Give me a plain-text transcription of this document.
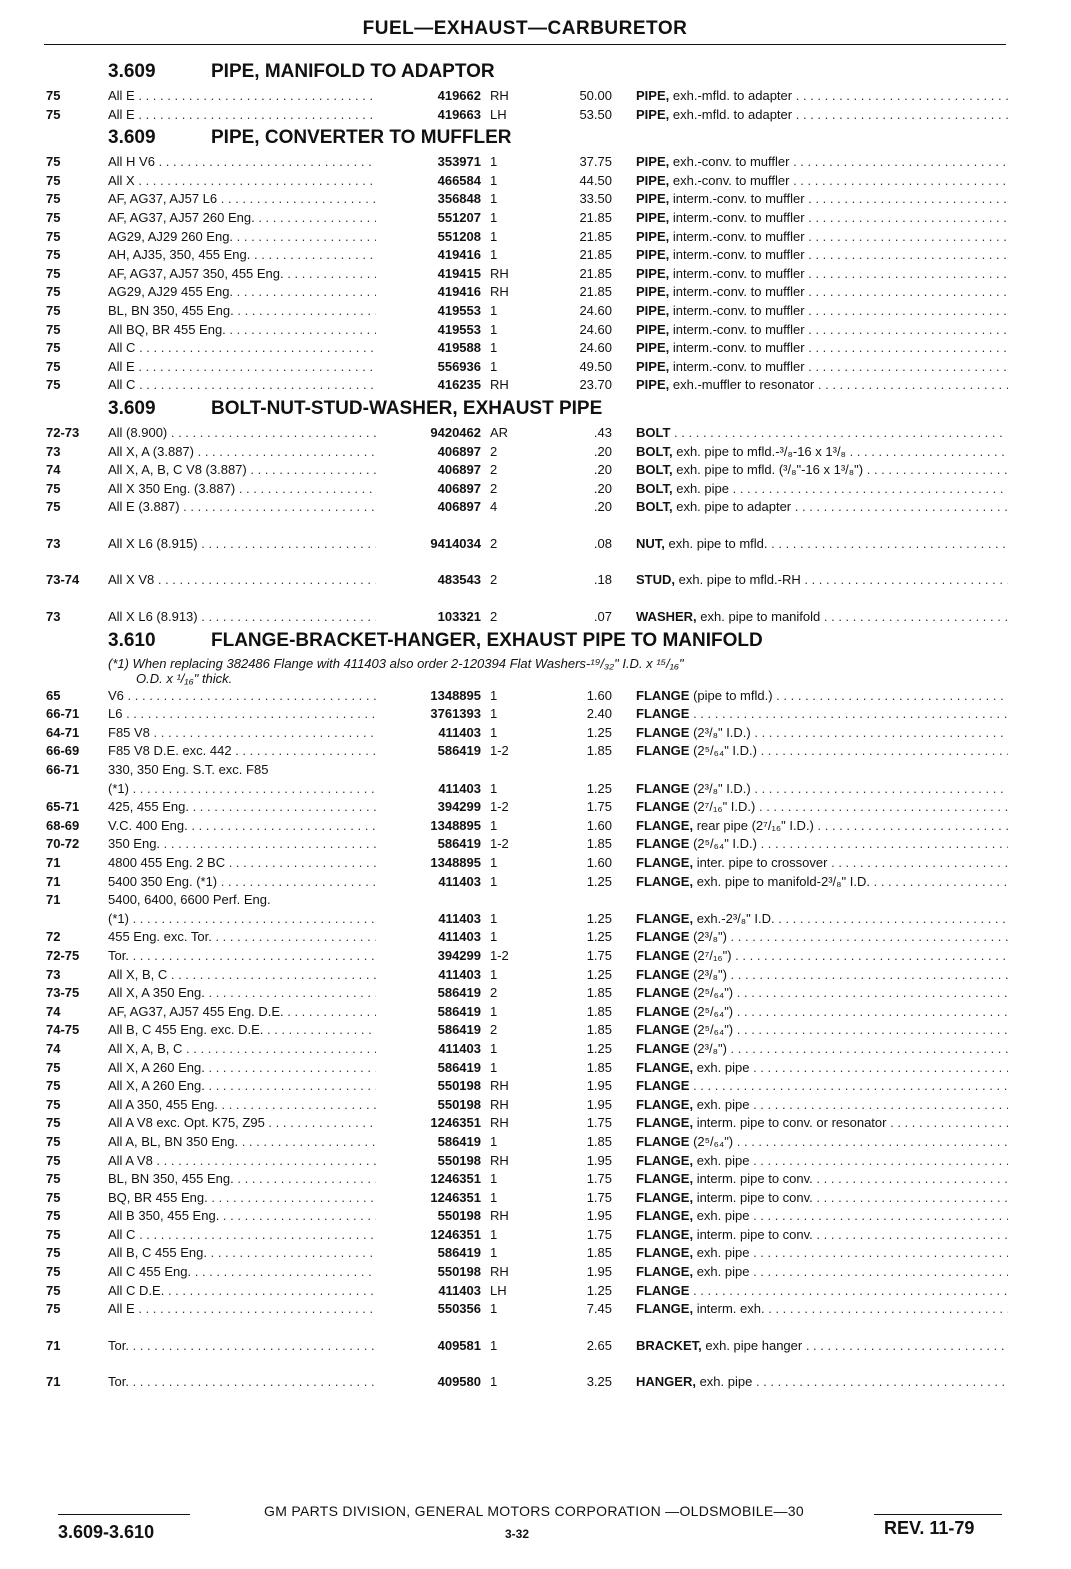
FUEL—EXHAUST—CARBURETOR
3.609	PIPE, MANIFOLD TO ADAPTOR
75	All E . . .	419662 RH	50.00 PIPE, exh.-mfld. to adapter . . .
75	All E . . .	419663 LH	53.50 PIPE, exh.-mfld. to adapter . . .
3.609	PIPE, CONVERTER TO MUFFLER
75	All H V6 . . .	353971 1	37.75 PIPE, exh.-conv. to muffler . . .
75	All X . . .	466584 1	44.50 PIPE, exh.-conv. to muffler . . .
75	AF, AG37, AJ57 L6 . . .	356848 1	33.50 PIPE, interm.-conv. to muffler . . .
75	AF, AG37, AJ57 260 Eng. . . .	551207 1	21.85 PIPE, interm.-conv. to muffler . . .
75	AG29, AJ29 260 Eng. . . .	551208 1	21.85 PIPE, interm.-conv. to muffler . . .
75	AH, AJ35, 350, 455 Eng. . . .	419416 1	21.85 PIPE, interm.-conv. to muffler . . .
75	AF, AG37, AJ57 350, 455 Eng. . . .	419415 RH	21.85 PIPE, interm.-conv. to muffler . . .
75	AG29, AJ29 455 Eng. . . .	419416 RH	21.85 PIPE, interm.-conv. to muffler . . .
75	BL, BN 350, 455 Eng. . . .	419553 1	24.60 PIPE, interm.-conv. to muffler . . .
75	All BQ, BR 455 Eng. . . .	419553 1	24.60 PIPE, interm.-conv. to muffler . . .
75	All C . . .	419588 1	24.60 PIPE, interm.-conv. to muffler . . .
75	All E . . .	556936 1	49.50 PIPE, interm.-conv. to muffler . . .
75	All C . . .	416235 RH	23.70 PIPE, exh.-muffler to resonator . . .
3.609	BOLT-NUT-STUD-WASHER, EXHAUST PIPE
72-73	All (8.900) . . .	9420462 AR	.43 BOLT . . .
73	All X, A (3.887) . . .	406897 2	.20 BOLT, exh. pipe to mfld.-³/₈-16 x 1³/₈ . . .
74	All X, A, B, C V8 (3.887) . . .	406897 2	.20 BOLT, exh. pipe to mfld. (³/₈"-16 x 1³/₈") . . .
75	All X 350 Eng. (3.887) . . .	406897 2	.20 BOLT, exh. pipe . . .
75	All E (3.887) . . .	406897 4	.20 BOLT, exh. pipe to adapter . . .
73	All X L6 (8.915) . . .	9414034 2	.08 NUT, exh. pipe to mfld. . . .
73-74	All X V8 . . .	483543 2	.18 STUD, exh. pipe to mfld.-RH . . .
73	All X L6 (8.913) . . .	103321 2	.07 WASHER, exh. pipe to manifold . . .
3.610	FLANGE-BRACKET-HANGER, EXHAUST PIPE TO MANIFOLD
(*1) When replacing 382486 Flange with 411403 also order 2-120394 Flat Washers-¹⁹/₃₂" I.D. x ¹⁵/₁₆"
O.D. x ¹/₁₆" thick.
65	V6 . . .	1348895 1	1.60 FLANGE (pipe to mfld.) . . .
66-71	L6 . . .	3761393 1	2.40 FLANGE . . .
64-71	F85 V8 . . .	411403 1	1.25 FLANGE (2³/₈" I.D.) . . .
66-69	F85 V8 D.E. exc. 442 . . .	586419 1-2	1.85 FLANGE (2⁵/₆₄" I.D.) . . .
66-71	330, 350 Eng. S.T. exc. F85
(*1) . . .	411403 1	1.25 FLANGE (2³/₈" I.D.) . . .
65-71	425, 455 Eng. . . .	394299 1-2	1.75 FLANGE (2⁷/₁₆" I.D.) . . .
68-69	V.C. 400 Eng. . . .	1348895 1	1.60 FLANGE, rear pipe (2⁷/₁₆" I.D.) . . .
70-72	350 Eng. . . .	586419 1-2	1.85 FLANGE (2⁵/₆₄" I.D.) . . .
71	4800 455 Eng. 2 BC . . .	1348895 1	1.60 FLANGE, inter. pipe to crossover . . .
71	5400 350 Eng. (*1) . . .	411403 1	1.25 FLANGE, exh. pipe to manifold-2³/₈" I.D. . . .
71	5400, 6400, 6600 Perf. Eng.
(*1) . . .	411403 1	1.25 FLANGE, exh.-2³/₈" I.D. . . .
72	455 Eng. exc. Tor. . . .	411403 1	1.25 FLANGE (2³/₈") . . .
72-75	Tor. . . .	394299 1-2	1.75 FLANGE (2⁷/₁₆") . . .
73	All X, B, C . . .	411403 1	1.25 FLANGE (2³/₈") . . .
73-75	All X, A 350 Eng. . . .	586419 2	1.85 FLANGE (2⁵/₆₄") . . .
74	AF, AG37, AJ57 455 Eng. D.E. . . .	586419 1	1.85 FLANGE (2⁵/₆₄") . . .
74-75	All B, C 455 Eng. exc. D.E. . . .	586419 2	1.85 FLANGE (2⁵/₆₄") . . .
74	All X, A, B, C . . .	411403 1	1.25 FLANGE (2³/₈") . . .
75	All X, A 260 Eng. . . .	586419 1	1.85 FLANGE, exh. pipe . . .
75	All X, A 260 Eng. . . .	550198 RH	1.95 FLANGE . . .
75	All A 350, 455 Eng. . . .	550198 RH	1.95 FLANGE, exh. pipe . . .
75	All A V8 exc. Opt. K75, Z95 . . .	1246351 RH	1.75 FLANGE, interm. pipe to conv. or resonator . . .
75	All A, BL, BN 350 Eng. . . .	586419 1	1.85 FLANGE (2⁵/₆₄") . . .
75	All A V8 . . .	550198 RH	1.95 FLANGE, exh. pipe . . .
75	BL, BN 350, 455 Eng. . . .	1246351 1	1.75 FLANGE, interm. pipe to conv. . . .
75	BQ, BR 455 Eng. . . .	1246351 1	1.75 FLANGE, interm. pipe to conv. . . .
75	All B 350, 455 Eng. . . .	550198 RH	1.95 FLANGE, exh. pipe . . .
75	All C . . .	1246351 1	1.75 FLANGE, interm. pipe to conv. . . .
75	All B, C 455 Eng. . . .	586419 1	1.85 FLANGE, exh. pipe . . .
75	All C 455 Eng. . . .	550198 RH	1.95 FLANGE, exh. pipe . . .
75	All C D.E. . . .	411403 LH	1.25 FLANGE . . .
75	All E . . .	550356 1	7.45 FLANGE, interm. exh. . . .
71	Tor. . . .	409581 1	2.65 BRACKET, exh. pipe hanger . . .
71	Tor. . . .	409580 1	3.25 HANGER, exh. pipe . . .
GM PARTS DIVISION, GENERAL MOTORS CORPORATION —OLDSMOBILE—30
3.609-3.610	3-32	REV. 11-79
